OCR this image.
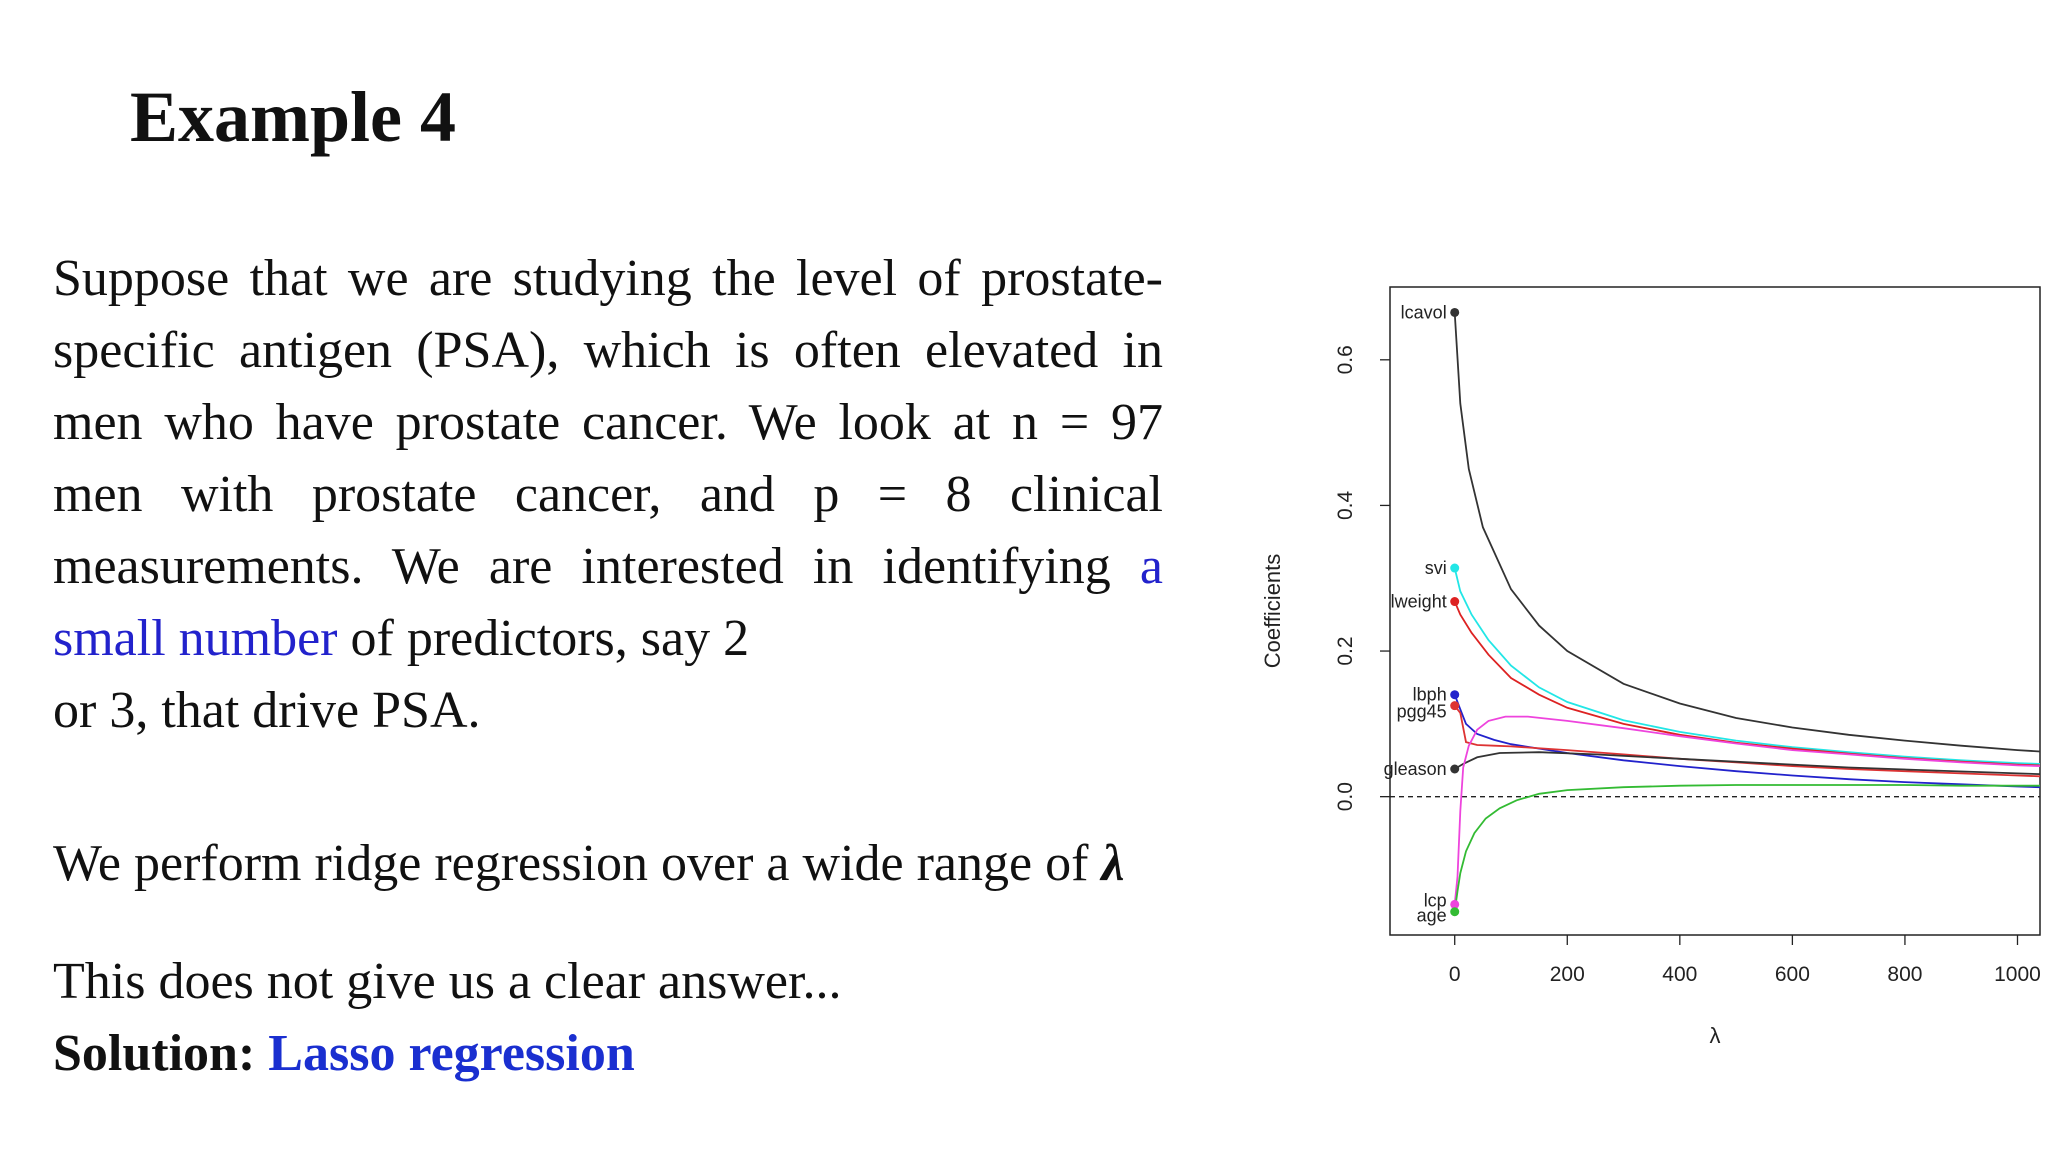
Example 4

Suppose that we are studying the level of prostate-specific antigen (PSA), which is often elevated in men who have prostate cancer. We look at n = 97 men with prostate cancer, and p = 8 clinical measurements. We are interested in identifying a small number of predictors, say 2
or 3, that drive PSA.

We perform ridge regression over a wide range of λ

This does not give us a clear answer...

Solution: Lasso regression

0	200	400	600	800	1000
0.0
0.2
0.4
0.6
λ
Coefficients
lcavol
svi
lweight
lbph
pgg45
gleason
lcp
age
